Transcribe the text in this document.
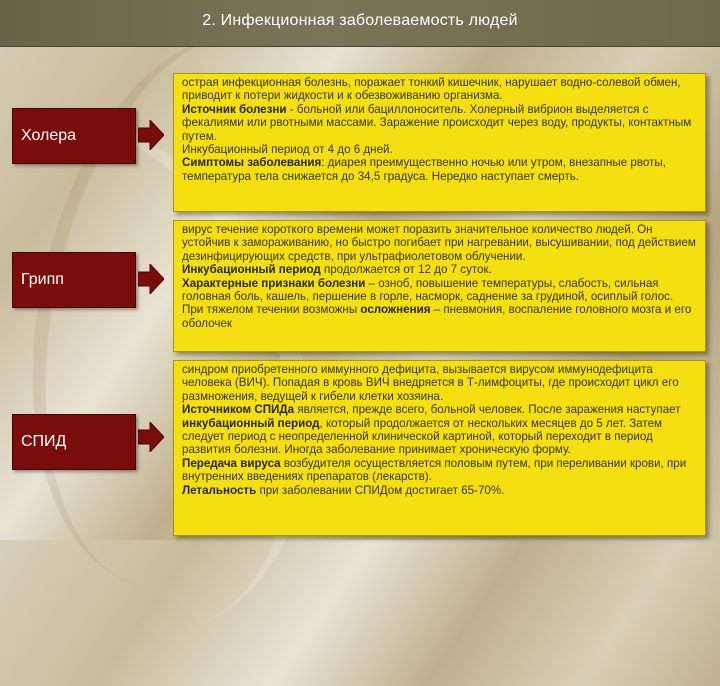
2. Инфекционная заболеваемость людей
Холера

острая инфекционная болезнь, поражает тонкий кишечник, нарушает водно-солевой обмен, приводит к потери жидкости и к обезвоживанию организма.

Источник болезни - больной или бациллоноситель. Холерный вибрион выделяется с фекалиями или рвотными массами. Заражение происходит через воду, продукты, контактным путем.

Инкубационный период от 4 до 6 дней.

Симптомы заболевания: диарея преимущественно ночью или утром, внезапные рвоты, температура тела снижается до 34,5 градуса. Нередко наступает смерть.

Грипп

вирус течение короткого времени может поразить значительное количество людей. Он устойчив к замораживанию, но быстро погибает при нагревании, высушивании, под действием дезинфицирующих средств, при ультрафиолетовом облучении.

Инкубационный период продолжается от 12 до 7 суток.

Характерные признаки болезни – озноб, повышение температуры, слабость, сильная головная боль, кашель, першение в горле, насморк, саднение за грудиной, осиплый голос. При тяжелом течении возможны осложнения – пневмония, воспаление головного мозга и его оболочек

СПИД

синдром приобретенного иммунного дефицита, вызывается вирусом иммунодефицита человека (ВИЧ). Попадая в кровь ВИЧ внедряется в Т-лимфоциты, где происходит цикл его размножения, ведущей к гибели клетки хозяина.

Источником СПИДа является, прежде всего, больной человек. После заражения наступает инкубационный период, который продолжается от нескольких месяцев до 5 лет. Затем следует период с неопределенной клинической картиной, который переходит в период развития болезни. Иногда заболевание принимает хроническую форму.

Передача вируса возбудителя осуществляется половым путем, при переливании крови, при внутренних введениях препаратов (лекарств).

Летальность при заболевании СПИДом достигает 65-70%.
